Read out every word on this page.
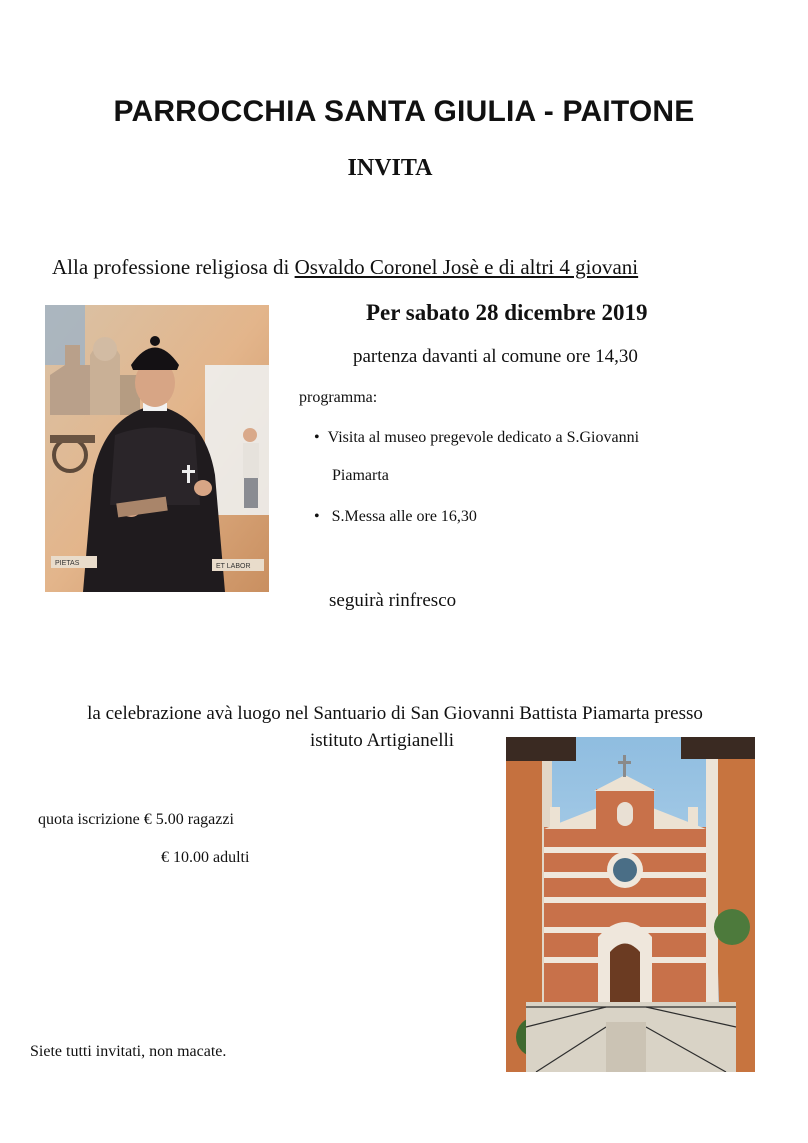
PARROCCHIA SANTA GIULIA - PAITONE
INVITA
Alla professione religiosa di Osvaldo Coronel Josè e di altri 4 giovani
PIETAS	ET LABOR
Per sabato 28 dicembre 2019
partenza davanti al comune ore 14,30
programma:
• Visita al museo pregevole dedicato a S.Giovanni
Piamarta
• S.Messa alle ore 16,30
seguirà rinfresco
la celebrazione avà luogo nel Santuario di San Giovanni Battista Piamarta presso
istituto Artigianelli
quota iscrizione € 5.00 ragazzi
€ 10.00 adulti
Siete tutti invitati, non macate.
